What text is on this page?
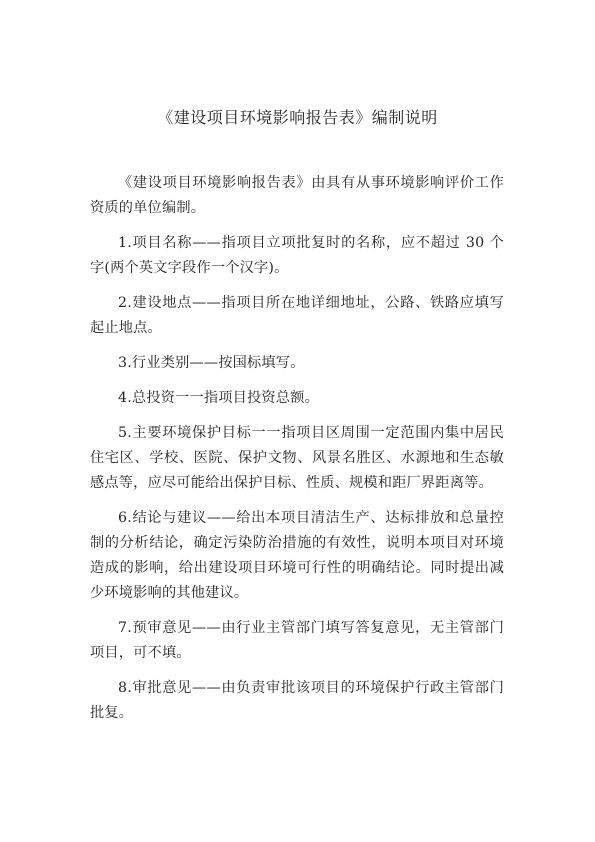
《建设项目环境影响报告表》编制说明

《建设项目环境影响报告表》由具有从事环境影响评价工作资质的单位编制。

1.项目名称——指项目立项批复时的名称，应不超过 30 个字(两个英文字段作一个汉字)。

2.建设地点——指项目所在地详细地址，公路、铁路应填写起止地点。

3.行业类别——按国标填写。

4.总投资一一指项目投资总额。

5.主要环境保护目标一一指项目区周围一定范围内集中居民住宅区、学校、医院、保护文物、风景名胜区、水源地和生态敏感点等，应尽可能给出保护目标、性质、规模和距厂界距离等。

6.结论与建议——给出本项目清洁生产、达标排放和总量控制的分析结论，确定污染防治措施的有效性，说明本项目对环境造成的影响，给出建设项目环境可行性的明确结论。同时提出减少环境影响的其他建议。

7.预审意见——由行业主管部门填写答复意见，无主管部门项目，可不填。

8.审批意见——由负责审批该项目的环境保护行政主管部门批复。
